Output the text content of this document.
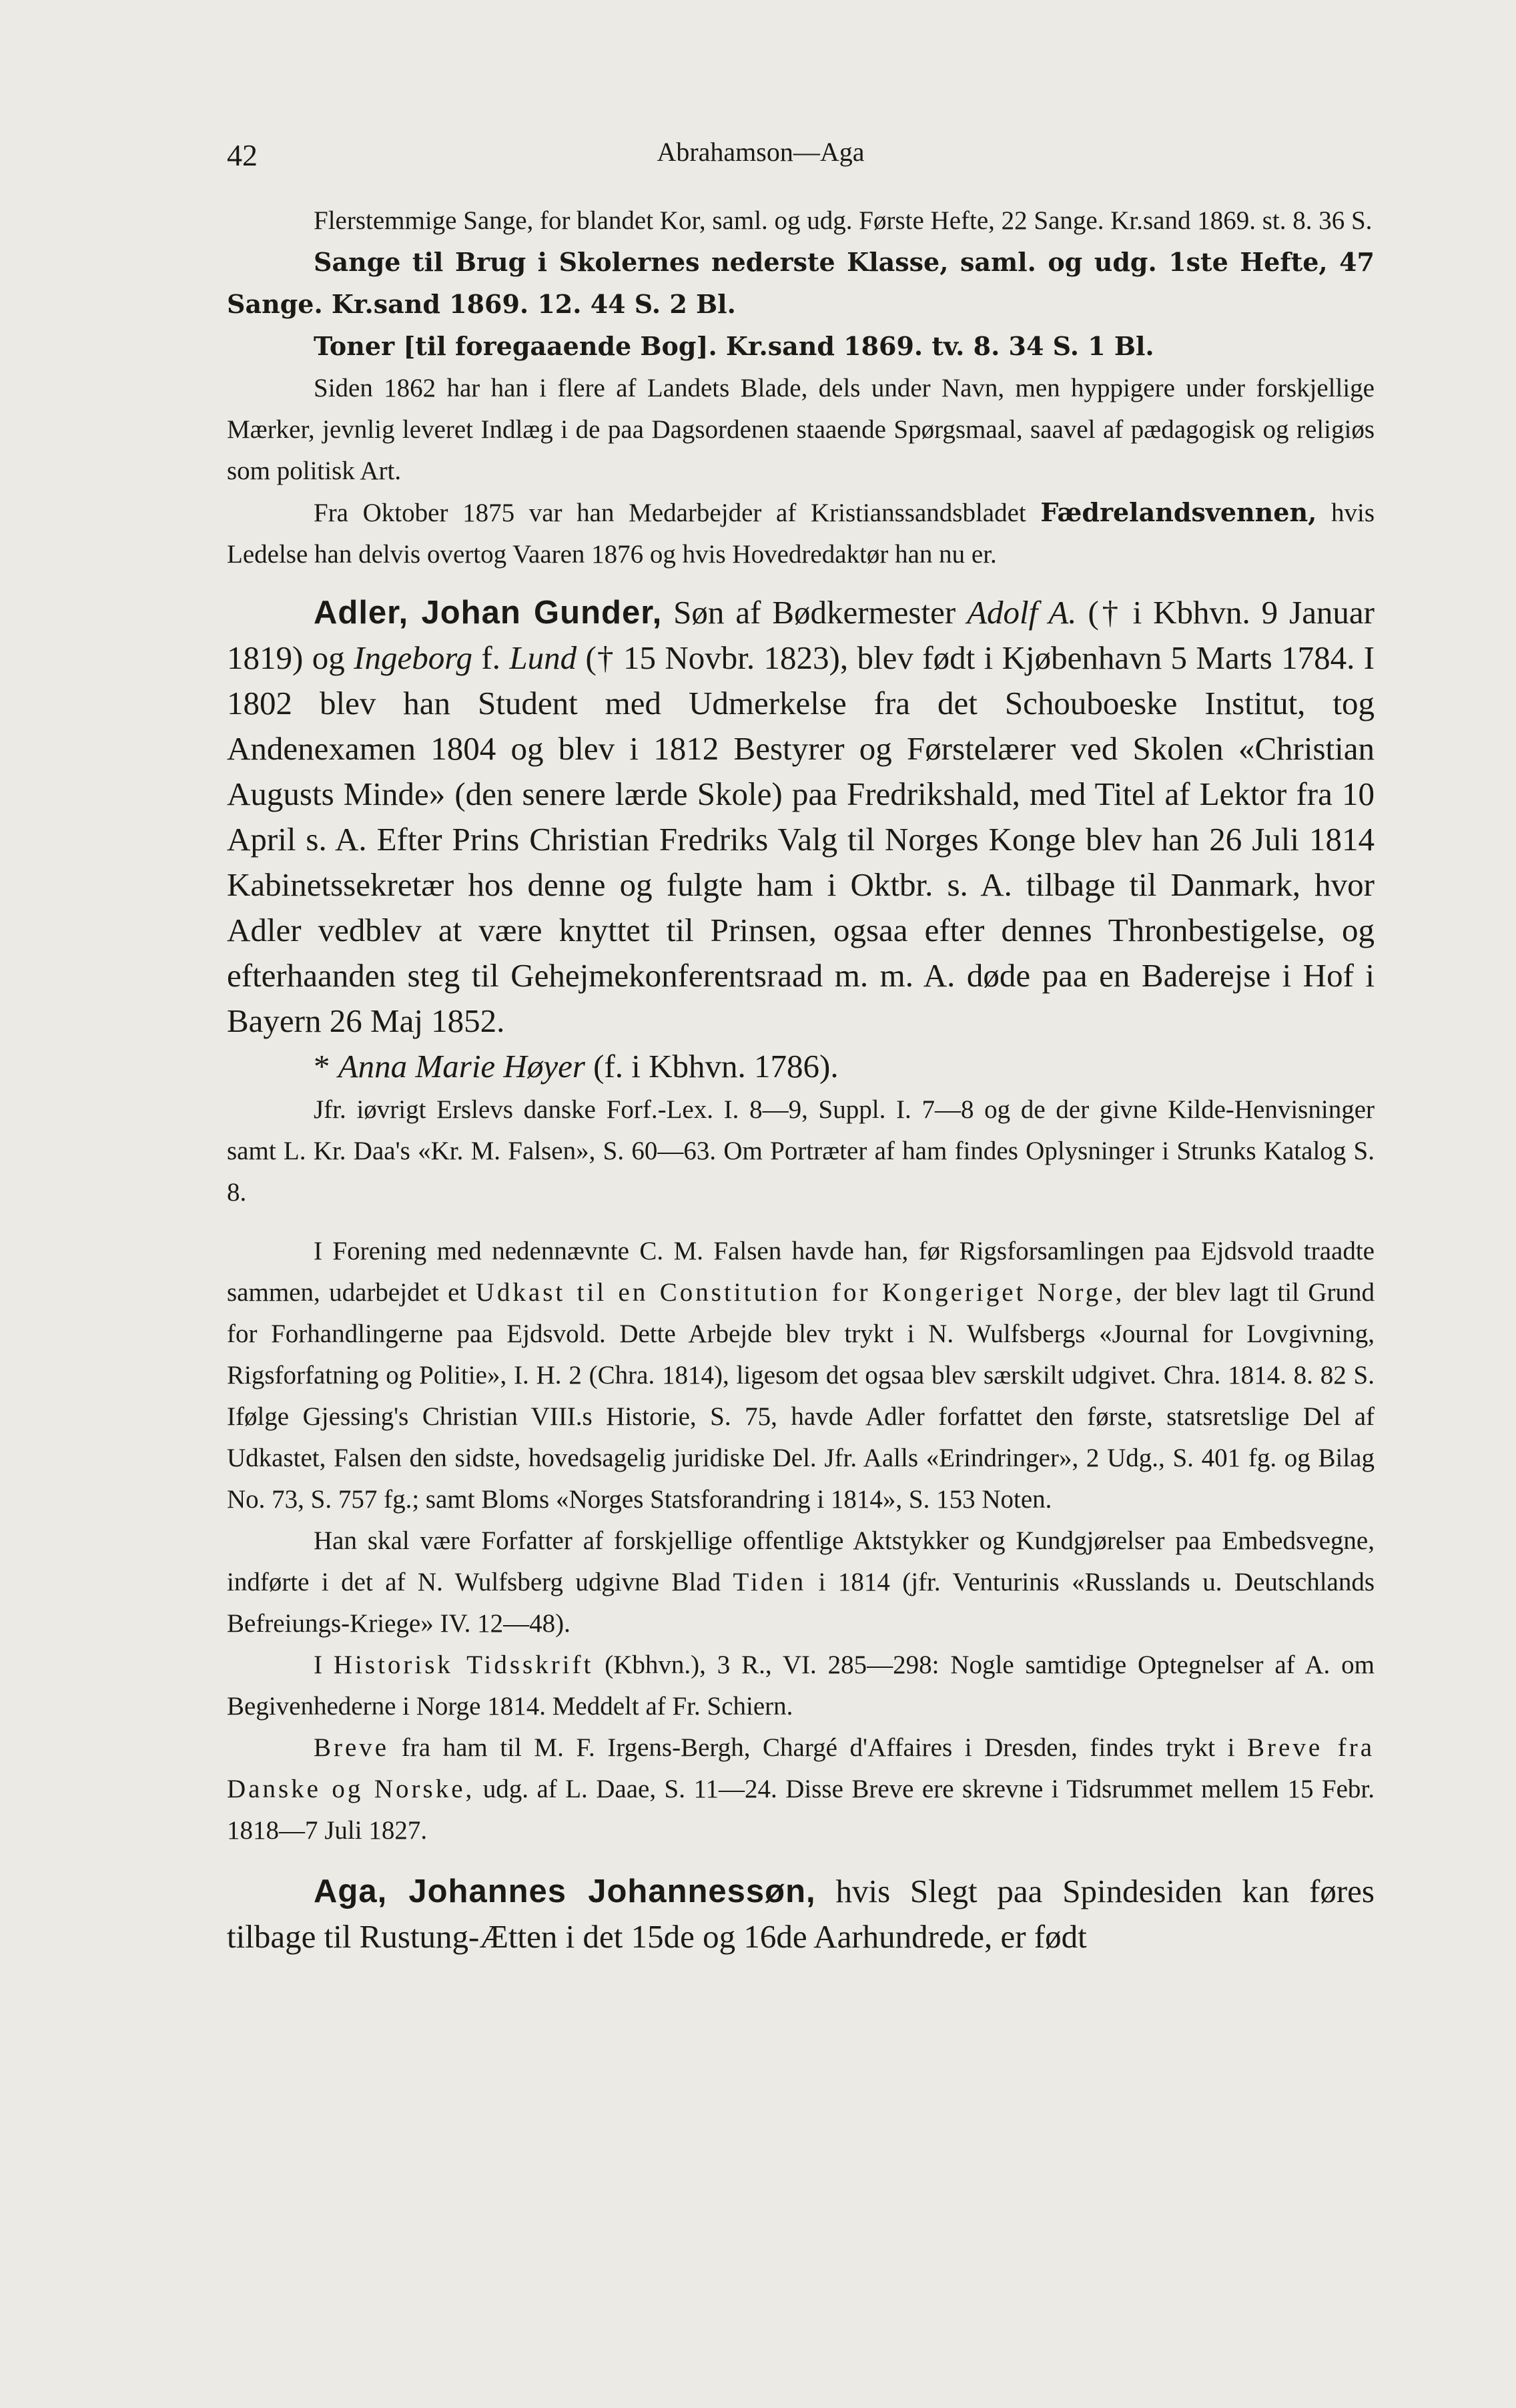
42	Abrahamson—Aga

Flerstemmige Sange, for blandet Kor, saml. og udg. Første Hefte, 22 Sange. Kr.sand 1869. st. 8. 36 S.

Sange til Brug i Skolernes nederste Klasse, saml. og udg. 1ste Hefte, 47 Sange. Kr.sand 1869. 12. 44 S. 2 Bl.

Toner [til foregaaende Bog]. Kr.sand 1869. tv. 8. 34 S. 1 Bl.

Siden 1862 har han i flere af Landets Blade, dels under Navn, men hyppigere under forskjellige Mærker, jevnlig leveret Indlæg i de paa Dagsordenen staaende Spørgsmaal, saavel af pædagogisk og religiøs som politisk Art.

Fra Oktober 1875 var han Medarbejder af Kristianssandsbladet Fædrelandsvennen, hvis Ledelse han delvis overtog Vaaren 1876 og hvis Hovedredaktør han nu er.

Adler, Johan Gunder, Søn af Bødkermester Adolf A. († i Kbhvn. 9 Januar 1819) og Ingeborg f. Lund († 15 Novbr. 1823), blev født i Kjøbenhavn 5 Marts 1784. I 1802 blev han Student med Udmerkelse fra det Schouboeske Institut, tog Andenexamen 1804 og blev i 1812 Bestyrer og Førstelærer ved Skolen «Christian Augusts Minde» (den senere lærde Skole) paa Fredrikshald, med Titel af Lektor fra 10 April s. A. Efter Prins Christian Fredriks Valg til Norges Konge blev han 26 Juli 1814 Kabinetssekretær hos denne og fulgte ham i Oktbr. s. A. tilbage til Danmark, hvor Adler vedblev at være knyttet til Prinsen, ogsaa efter dennes Thronbestigelse, og efterhaanden steg til Gehejmekonferentsraad m. m. A. døde paa en Baderejse i Hof i Bayern 26 Maj 1852.

* Anna Marie Høyer (f. i Kbhvn. 1786).

Jfr. iøvrigt Erslevs danske Forf.-Lex. I. 8—9, Suppl. I. 7—8 og de der givne Kilde-Henvisninger samt L. Kr. Daa's «Kr. M. Falsen», S. 60—63. Om Portræter af ham findes Oplysninger i Strunks Katalog S. 8.

I Forening med nedennævnte C. M. Falsen havde han, før Rigsforsamlingen paa Ejdsvold traadte sammen, udarbejdet et Udkast til en Constitution for Kongeriget Norge, der blev lagt til Grund for Forhandlingerne paa Ejdsvold. Dette Arbejde blev trykt i N. Wulfsbergs «Journal for Lovgivning, Rigsforfatning og Politie», I. H. 2 (Chra. 1814), ligesom det ogsaa blev særskilt udgivet. Chra. 1814. 8. 82 S. Ifølge Gjessing's Christian VIII.s Historie, S. 75, havde Adler forfattet den første, statsretslige Del af Udkastet, Falsen den sidste, hovedsagelig juridiske Del. Jfr. Aalls «Erindringer», 2 Udg., S. 401 fg. og Bilag No. 73, S. 757 fg.; samt Bloms «Norges Statsforandring i 1814», S. 153 Noten.

Han skal være Forfatter af forskjellige offentlige Aktstykker og Kundgjørelser paa Embedsvegne, indførte i det af N. Wulfsberg udgivne Blad Tiden i 1814 (jfr. Venturinis «Russlands u. Deutschlands Befreiungs-Kriege» IV. 12—48).

I Historisk Tidsskrift (Kbhvn.), 3 R., VI. 285—298: Nogle samtidige Optegnelser af A. om Begivenhederne i Norge 1814. Meddelt af Fr. Schiern.

Breve fra ham til M. F. Irgens-Bergh, Chargé d'Affaires i Dresden, findes trykt i Breve fra Danske og Norske, udg. af L. Daae, S. 11—24. Disse Breve ere skrevne i Tidsrummet mellem 15 Febr. 1818—7 Juli 1827.

Aga, Johannes Johannessøn, hvis Slegt paa Spindesiden kan føres tilbage til Rustung-Ætten i det 15de og 16de Aarhundrede, er født
